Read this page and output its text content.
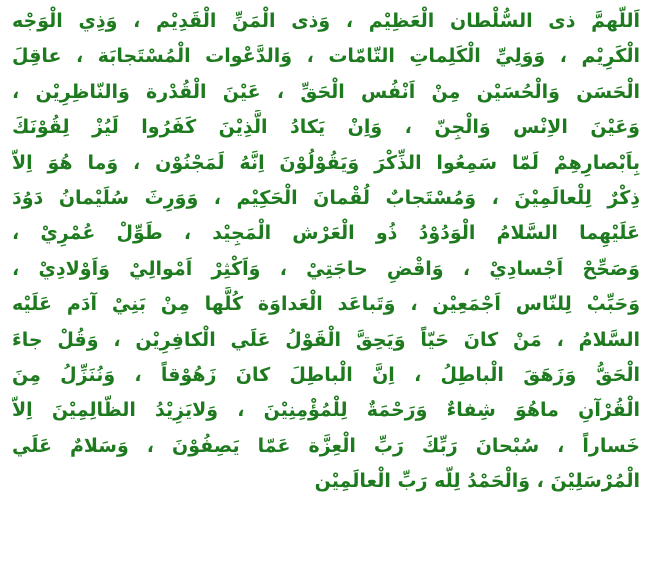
اَللّهمَّ ذى السُّلْطان الْعَظِيْم ، وَذى الْمَنِّ الْقَدِيْم ، وَذِي الْوَجْه
الْكَرِيْم ، وَوَلِيِّ الْكَلِماتِ التّامّات ، وَالدَّعْوات الْمُسْتَجابَة ، عاقِلَ
الْحَسَن وَالْحُسَيْن مِنْ اَنْفُس الْحَقِّ ، عَيْنَ الْقُدْرة وَالنّاظِرِيْن ،
وَعَيْنَ الاِنْس وَالْجِنّ ، وَاِنْ يَكادُ الَّذِيْنَ كَفَرُوا لَيُزْ لِقُوْنَكَ
بِاَبْصارِهِمْ لَمّا سَمِعُوا الذِّكْرَ وَيَقُوْلُوْنَ اِنَّهُ لَمَجْنُوْن ، وَما هُوَ اِلاّ
ذِكْرٌ لِلْعالَمِيْنَ ، وَمُسْتَجابٌ لُقْمانَ الْحَكِيْم ، وَوَرِثَ سُلَيْمانُ دَوُدَ
عَلَيْهِما السَّلامُ الْوَدُوْدُ ذُو الْعَرْش الْمَجِيْد ، طَوِّلْ عُمْرِيْ ،
وَصَحِّحْ اَجْسادِيْ ، وَاقْضِ حاجَتِيْ ، وَاَكْثِرْ اَمْوالِيْ وَاَوْلادِيْ ،
وَحَبِّبْ لِلنّاس اَجْمَعِيْن ، وَتَباعَد الْعَداوَة كُلَّها مِنْ بَنِيْ آدَم عَلَيْه
السَّلامُ ، مَنْ كانَ حَيّاً وَيَحِقَّ الْقَوْلُ عَلَي الْكافِرِيْن ، وَقُلْ جاءَ
الْحَقُّ وَزَهَقَ الْباطِلُ ، اِنَّ الْباطِلَ كانَ زَهُوْقاً ، وَنُنَزِّلُ مِنَ
الْقُرْآنِ ماهُوَ شِفاءٌ وَرَحْمَةٌ لِلْمُؤْمِنِيْنَ ، وَلايَزِيْدُ الظّالِمِيْنَ اِلاّ
خَساراً ، سُبْحانَ رَبِّكَ رَبِّ الْعِزَّة عَمّا يَصِفُوْنَ ، وَسَلامٌ عَلَي
الْمُرْسَلِيْنَ ، وَالْحَمْدُ لِلّه رَبِّ الْعالَمِيْن
